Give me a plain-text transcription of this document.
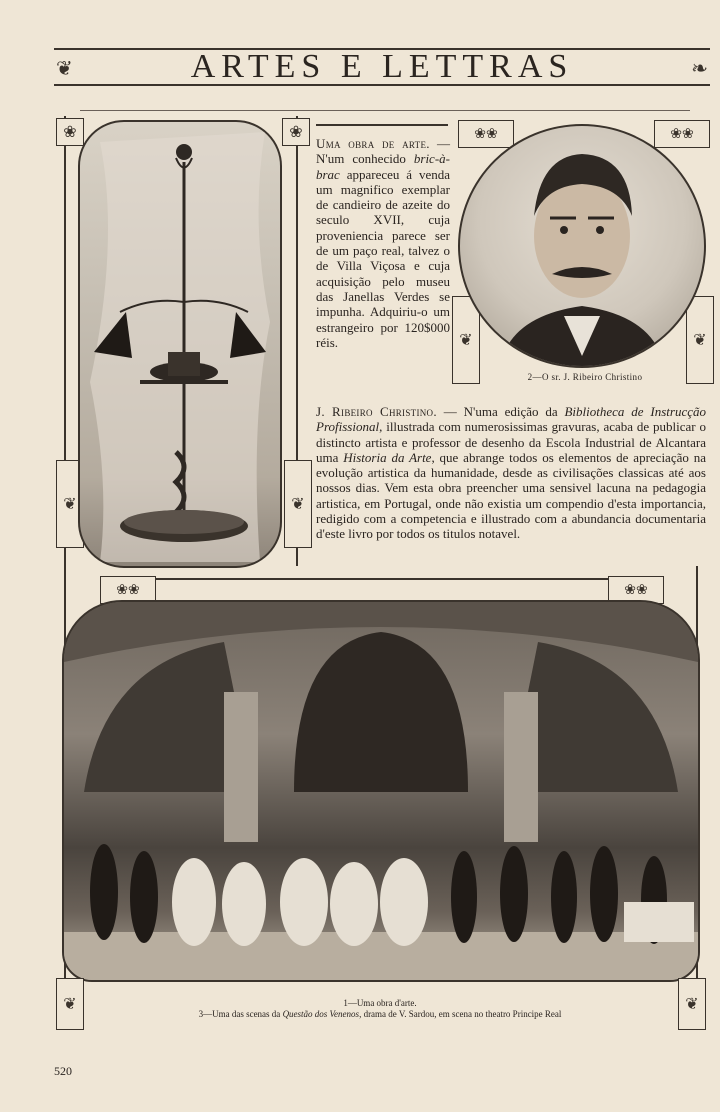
❦	ARTES E LETTRAS	❧
❀	❀
❦	❦
Uma obra de arte. — N'um conhecido bric-à-brac appareceu á venda um magnifico exemplar de candieiro de azeite do seculo XVII, cuja proveniencia parece ser de um paço real, talvez o de Villa Viçosa e cuja acquisição pelo museu das Janellas Verdes se impunha. Adquiriu-o um estrangeiro por 120$000 réis.
❀❀	❀❀
❦	❦
2—O sr. J. Ribeiro Christino
J. Ribeiro Christino. — N'uma edição da Bibliotheca de Instrucção Profissional, illustrada com numerosissimas gravuras, acaba de publicar o distincto artista e professor de desenho da Escola Industrial de Alcantara uma Historia da Arte, que abrange todos os elementos de apreciação na evolução artistica da humanidade, desde as civilisações classicas até aos nossos dias. Vem esta obra preencher uma sensivel lacuna na pedagogia artistica, em Portugal, onde não existia um compendio d'esta importancia, redigido com a competencia e illustrado com a abundancia documentaria d'este livro por todos os titulos notavel.
❀❀	❀❀
❦	❦
1—Uma obra d'arte.
3—Uma das scenas da Questão dos Venenos, drama de V. Sardou, em scena no theatro Principe Real
520
